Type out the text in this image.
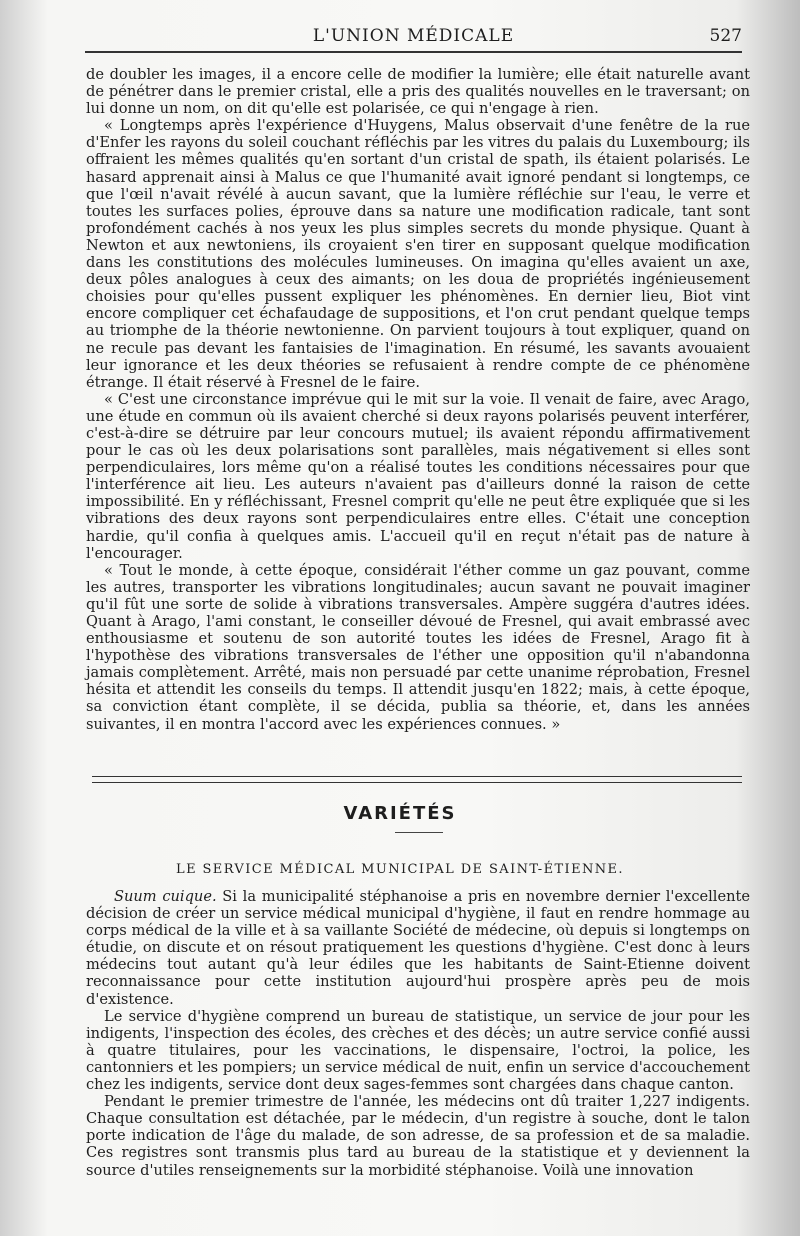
L'UNION MÉDICALE	527

de doubler les images, il a encore celle de modifier la lumière; elle était naturelle avant de pénétrer dans le premier cristal, elle a pris des qualités nouvelles en le traversant; on lui donne un nom, on dit qu'elle est polarisée, ce qui n'engage à rien.

« Longtemps après l'expérience d'Huygens, Malus observait d'une fenêtre de la rue d'Enfer les rayons du soleil couchant réfléchis par les vitres du palais du Luxembourg; ils offraient les mêmes qualités qu'en sortant d'un cristal de spath, ils étaient polarisés. Le hasard apprenait ainsi à Malus ce que l'humanité avait ignoré pendant si longtemps, ce que l'œil n'avait révélé à aucun savant, que la lumière réfléchie sur l'eau, le verre et toutes les surfaces polies, éprouve dans sa nature une modification radicale, tant sont profondément cachés à nos yeux les plus simples secrets du monde physique. Quant à Newton et aux newtoniens, ils croyaient s'en tirer en supposant quelque modification dans les constitutions des molécules lumineuses. On imagina qu'elles avaient un axe, deux pôles analogues à ceux des aimants; on les doua de propriétés ingénieusement choisies pour qu'elles pussent expliquer les phénomènes. En dernier lieu, Biot vint encore compliquer cet échafaudage de suppositions, et l'on crut pendant quelque temps au triomphe de la théorie newtonienne. On parvient toujours à tout expliquer, quand on ne recule pas devant les fantaisies de l'imagination. En résumé, les savants avouaient leur ignorance et les deux théories se refusaient à rendre compte de ce phénomène étrange. Il était réservé à Fresnel de le faire.

« C'est une circonstance imprévue qui le mit sur la voie. Il venait de faire, avec Arago, une étude en commun où ils avaient cherché si deux rayons polarisés peuvent interférer, c'est-à-dire se détruire par leur concours mutuel; ils avaient répondu affirmativement pour le cas où les deux polarisations sont parallèles, mais négativement si elles sont perpendiculaires, lors même qu'on a réalisé toutes les conditions nécessaires pour que l'interférence ait lieu. Les auteurs n'avaient pas d'ailleurs donné la raison de cette impossibilité. En y réfléchissant, Fresnel comprit qu'elle ne peut être expliquée que si les vibrations des deux rayons sont perpendiculaires entre elles. C'était une conception hardie, qu'il confia à quelques amis. L'accueil qu'il en reçut n'était pas de nature à l'encourager.

« Tout le monde, à cette époque, considérait l'éther comme un gaz pouvant, comme les autres, transporter les vibrations longitudinales; aucun savant ne pouvait imaginer qu'il fût une sorte de solide à vibrations transversales. Ampère suggéra d'autres idées. Quant à Arago, l'ami constant, le conseiller dévoué de Fresnel, qui avait embrassé avec enthousiasme et soutenu de son autorité toutes les idées de Fresnel, Arago fit à l'hypothèse des vibrations transversales de l'éther une opposition qu'il n'abandonna jamais complètement. Arrêté, mais non persuadé par cette unanime réprobation, Fresnel hésita et attendit les conseils du temps. Il attendit jusqu'en 1822; mais, à cette époque, sa conviction étant complète, il se décida, publia sa théorie, et, dans les années suivantes, il en montra l'accord avec les expériences connues. »

VARIÉTÉS
LE SERVICE MÉDICAL MUNICIPAL DE SAINT-ÉTIENNE.

Suum cuique. Si la municipalité stéphanoise a pris en novembre dernier l'excellente décision de créer un service médical municipal d'hygiène, il faut en rendre hommage au corps médical de la ville et à sa vaillante Société de médecine, où depuis si longtemps on étudie, on discute et on résout pratiquement les questions d'hygiène. C'est donc à leurs médecins tout autant qu'à leur édiles que les habitants de Saint-Etienne doivent reconnaissance pour cette institution aujourd'hui prospère après peu de mois d'existence.

Le service d'hygiène comprend un bureau de statistique, un service de jour pour les indigents, l'inspection des écoles, des crèches et des décès; un autre service confié aussi à quatre titulaires, pour les vaccinations, le dispensaire, l'octroi, la police, les cantonniers et les pompiers; un service médical de nuit, enfin un service d'accouchement chez les indigents, service dont deux sages-femmes sont chargées dans chaque canton.

Pendant le premier trimestre de l'année, les médecins ont dû traiter 1,227 indigents. Chaque consultation est détachée, par le médecin, d'un registre à souche, dont le talon porte indication de l'âge du malade, de son adresse, de sa profession et de sa maladie. Ces registres sont transmis plus tard au bureau de la statistique et y deviennent la source d'utiles renseignements sur la morbidité stéphanoise. Voilà une innovation
